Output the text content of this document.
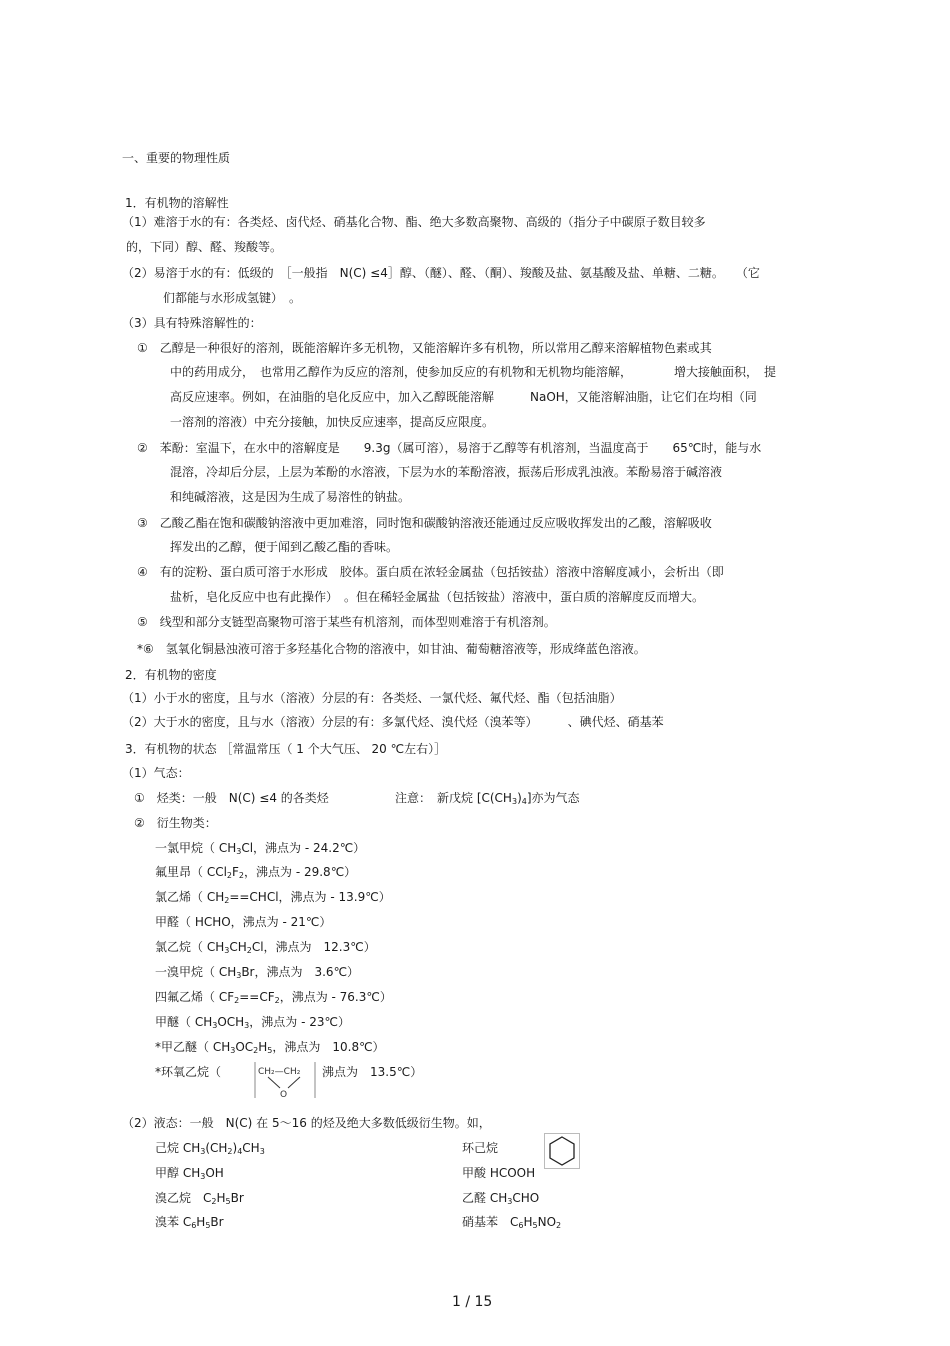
一、重要的物理性质
1．有机物的溶解性
（1）难溶于水的有：各类烃、卤代烃、硝基化合物、酯、绝大多数高聚物、高级的（指分子中碳原子数目较多
的，下同）醇、醛、羧酸等。
（2）易溶于水的有：低级的　［一般指　N(C) ≤4］醇、（醚）、醛、（酮）、羧酸及盐、氨基酸及盐、单糖、二糖。　　（它
们都能与水形成氢键）　。
（3）具有特殊溶解性的：
①　乙醇是一种很好的溶剂，既能溶解许多无机物，又能溶解许多有机物，所以常用乙醇来溶解植物色素或其
中的药用成分，　也常用乙醇作为反应的溶剂，使参加反应的有机物和无机物均能溶解，　　　　增大接触面积，　提
高反应速率。例如，在油脂的皂化反应中，加入乙醇既能溶解　　　NaOH，又能溶解油脂，让它们在均相（同
一溶剂的溶液）中充分接触，加快反应速率，提高反应限度。
②　苯酚：室温下，在水中的溶解度是　　9.3g（属可溶），易溶于乙醇等有机溶剂，当温度高于　　65℃时，能与水
混溶，冷却后分层，上层为苯酚的水溶液，下层为水的苯酚溶液，振荡后形成乳浊液。苯酚易溶于碱溶液
和纯碱溶液，这是因为生成了易溶性的钠盐。
③　乙酸乙酯在饱和碳酸钠溶液中更加难溶，同时饱和碳酸钠溶液还能通过反应吸收挥发出的乙酸，溶解吸收
挥发出的乙醇，便于闻到乙酸乙酯的香味。
④　有的淀粉、蛋白质可溶于水形成　胶体。蛋白质在浓轻金属盐（包括铵盐）溶液中溶解度减小，会析出（即
盐析，皂化反应中也有此操作）　。但在稀轻金属盐（包括铵盐）溶液中，蛋白质的溶解度反而增大。
⑤　线型和部分支链型高聚物可溶于某些有机溶剂，而体型则难溶于有机溶剂。
*⑥　氢氧化铜悬浊液可溶于多羟基化合物的溶液中，如甘油、葡萄糖溶液等，形成绛蓝色溶液。
2．有机物的密度
（1）小于水的密度，且与水（溶液）分层的有：各类烃、一氯代烃、氟代烃、酯（包括油脂）
（2）大于水的密度，且与水（溶液）分层的有：多氯代烃、溴代烃（溴苯等）　　　、碘代烃、硝基苯
3．有机物的状态 ［常温常压（ 1 个大气压、 20 ℃左右）］
（1）气态：
①　烃类：一般　N(C) ≤4 的各类烃	注意：　新戊烷 $[C(CH_3)_4]$亦为气态
②　衍生物类：
一氯甲烷（ $CH_3Cl$，沸点为 - 24.2℃）
氟里昂（ $CCl_2F_2$，沸点为 - 29.8℃）
氯乙烯（ $CH_2==CHCl$，沸点为 - 13.9℃）
甲醛（ HCHO，沸点为 - 21℃）
氯乙烷（ $CH_3CH_2Cl$，沸点为　12.3℃）
一溴甲烷（ $CH_3Br$，沸点为　3.6℃）
四氟乙烯（ $CF_2==CF_2$，沸点为 - 76.3℃）
甲醚（ $CH_3OCH_3$，沸点为 - 23℃）
*甲乙醚（ $CH_3OC_2H_5$，沸点为　10.8℃）
*环氧乙烷（	CH₂—CH₂
O
沸点为　13.5℃）
（2）液态：一般　N(C) 在 5～16 的烃及绝大多数低级衍生物。如，
己烷 $CH_3(CH_2)_4CH_3$
甲醇 $CH_3OH$
溴乙烷　$C_2H_5Br$
溴苯 $C_6H_5Br$
环己烷
甲酸 HCOOH
乙醛 $CH_3CHO$
硝基苯　$C_6H_5NO_2$
1 / 15
